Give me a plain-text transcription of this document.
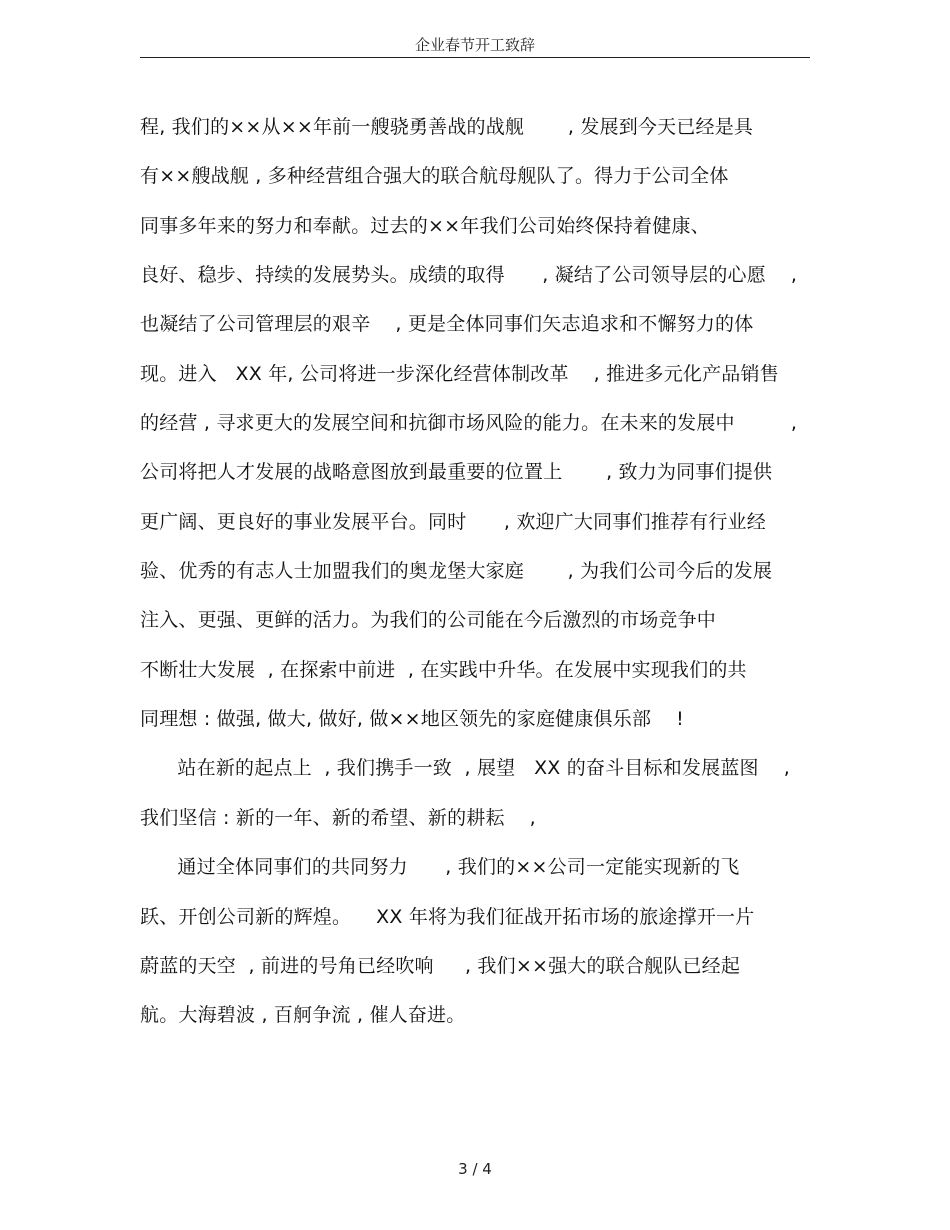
企业春节开工致辞
程, 我们的××从××年前一艘骁勇善战的战舰       , 发展到今天已经是具
有××艘战舰 , 多种经营组合强大的联合航母舰队了。得力于公司全体
同事多年来的努力和奉献。过去的××年我们公司始终保持着健康、
良好、稳步、持续的发展势头。成绩的取得      , 凝结了公司领导层的心愿    ,
也凝结了公司管理层的艰辛    , 更是全体同事们矢志追求和不懈努力的体
现。进入   XX 年, 公司将进一步深化经营体制改革    , 推进多元化产品销售
的经营 , 寻求更大的发展空间和抗御市场风险的能力。在未来的发展中         ,
公司将把人才发展的战略意图放到最重要的位置上       , 致力为同事们提供
更广阔、更良好的事业发展平台。同时      , 欢迎广大同事们推荐有行业经
验、优秀的有志人士加盟我们的奥龙堡大家庭       , 为我们公司今后的发展
注入、更强、更鲜的活力。为我们的公司能在今后激烈的市场竞争中
不断壮大发展  , 在探索中前进  , 在实践中升华。在发展中实现我们的共
同理想 : 做强, 做大, 做好, 做××地区领先的家庭健康俱乐部    !
站在新的起点上  , 我们携手一致  , 展望   XX 的奋斗目标和发展蓝图    ,
我们坚信 : 新的一年、新的希望、新的耕耘    ,
通过全体同事们的共同努力      , 我们的××公司一定能实现新的飞
跃、开创公司新的辉煌。    XX 年将为我们征战开拓市场的旅途撑开一片
蔚蓝的天空  , 前进的号角已经吹响     , 我们××强大的联合舰队已经起
航。大海碧波 , 百舸争流 , 催人奋进。
3 / 4
